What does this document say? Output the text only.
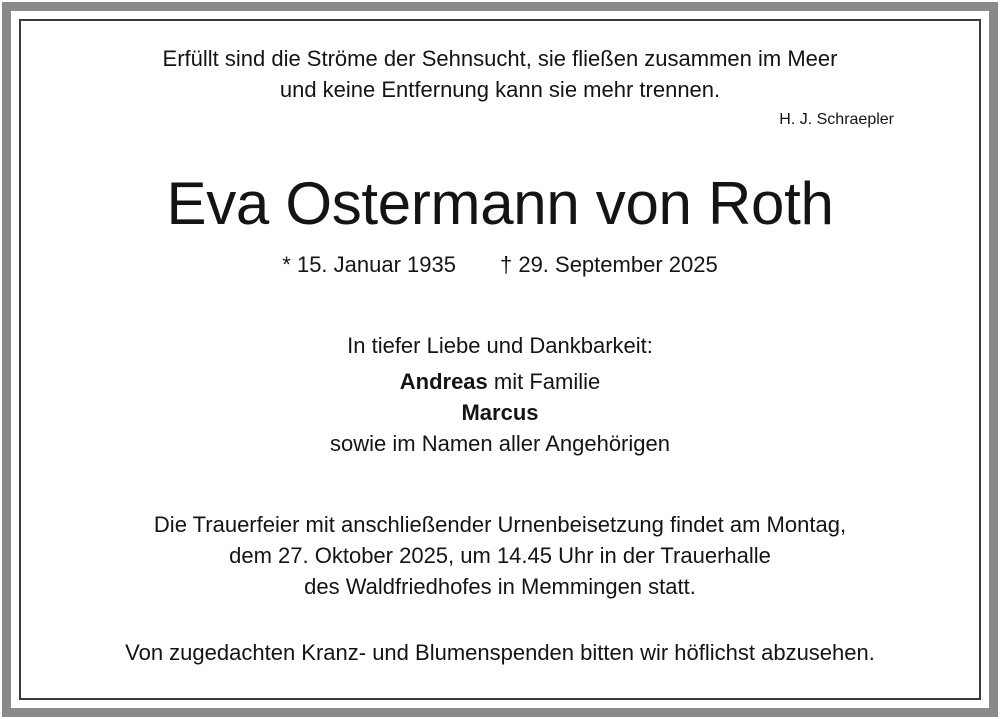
Erfüllt sind die Ströme der Sehnsucht, sie fließen zusammen im Meer
und keine Entfernung kann sie mehr trennen.
H. J. Schraepler
Eva Ostermann von Roth
* 15. Januar 1935 † 29. September 2025
In tiefer Liebe und Dankbarkeit:
Andreas mit Familie
Marcus
sowie im Namen aller Angehörigen
Die Trauerfeier mit anschließender Urnenbeisetzung findet am Montag,
dem 27. Oktober 2025, um 14.45 Uhr in der Trauerhalle
des Waldfriedhofes in Memmingen statt.
Von zugedachten Kranz- und Blumenspenden bitten wir höflichst abzusehen.
